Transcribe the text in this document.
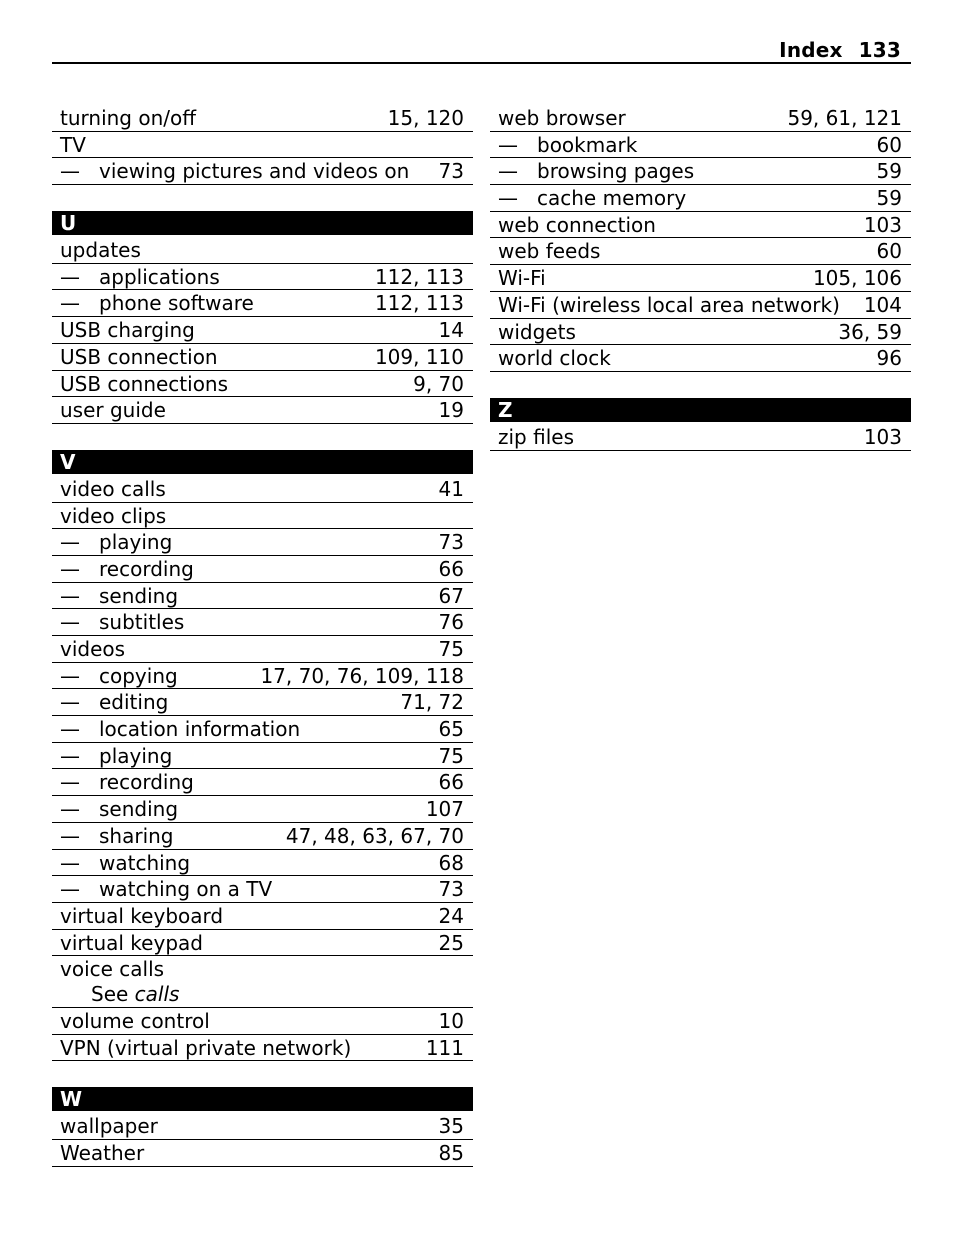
Index 133
turning on/off	15, 120
TV
— viewing pictures and videos on 73
U
updates
— applications	112, 113
— phone software	112, 113
USB charging	14
USB connection	109, 110
USB connections	9, 70
user guide	19
V
video calls	41
video clips
— playing	73
— recording	66
— sending	67
— subtitles	76
videos	75
— copying	17, 70, 76, 109, 118
— editing	71, 72
— location information	65
— playing	75
— recording	66
— sending	107
— sharing	47, 48, 63, 67, 70
— watching	68
— watching on a TV	73
virtual keyboard	24
virtual keypad	25
voice calls
See calls
volume control	10
VPN (virtual private network)	111
W
wallpaper	35
Weather	85
web browser	59, 61, 121
— bookmark	60
— browsing pages	59
— cache memory	59
web connection	103
web feeds	60
Wi-Fi	105, 106
Wi-Fi (wireless local area network) 104
widgets	36, 59
world clock	96
Z
zip files	103
